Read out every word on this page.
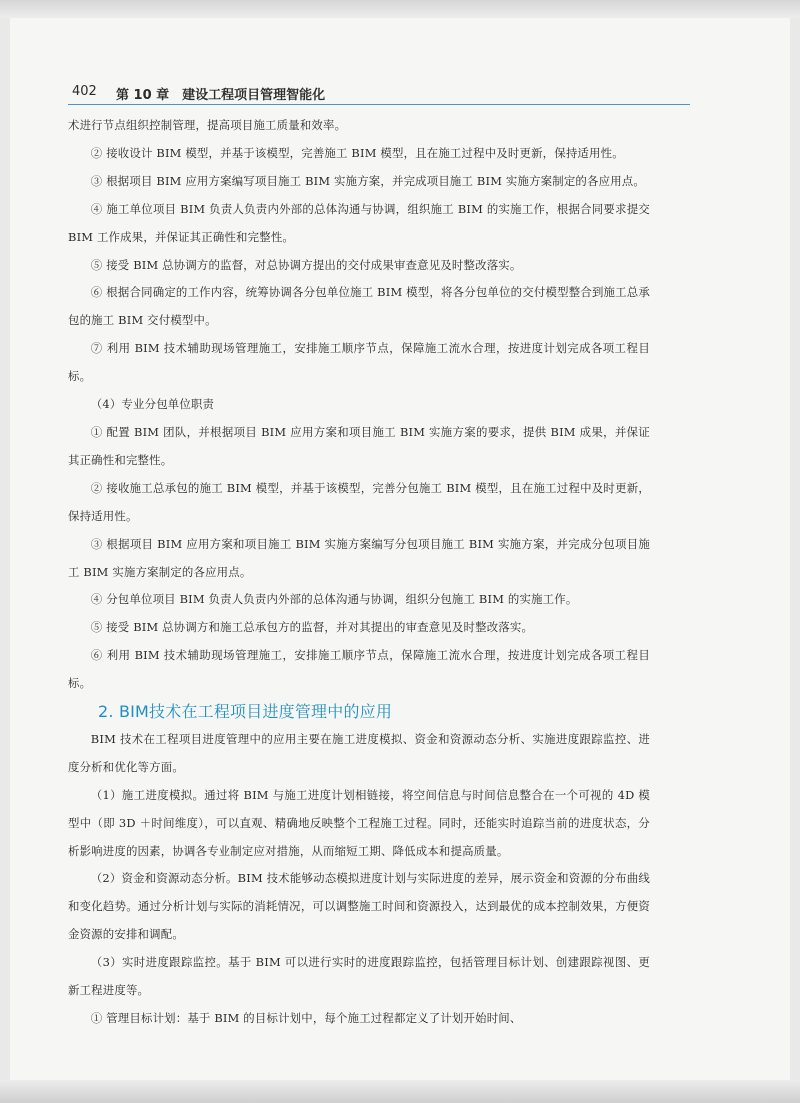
402 第 10 章　建设工程项目管理智能化

术进行节点组织控制管理，提高项目施工质量和效率。

② 接收设计 BIM 模型，并基于该模型，完善施工 BIM 模型，且在施工过程中及时更新，保持适用性。

③ 根据项目 BIM 应用方案编写项目施工 BIM 实施方案，并完成项目施工 BIM 实施方案制定的各应用点。

④ 施工单位项目 BIM 负责人负责内外部的总体沟通与协调，组织施工 BIM 的实施工作，根据合同要求提交 BIM 工作成果，并保证其正确性和完整性。

⑤ 接受 BIM 总协调方的监督，对总协调方提出的交付成果审查意见及时整改落实。

⑥ 根据合同确定的工作内容，统筹协调各分包单位施工 BIM 模型，将各分包单位的交付模型整合到施工总承包的施工 BIM 交付模型中。

⑦ 利用 BIM 技术辅助现场管理施工，安排施工顺序节点，保障施工流水合理，按进度计划完成各项工程目标。

（4）专业分包单位职责

① 配置 BIM 团队，并根据项目 BIM 应用方案和项目施工 BIM 实施方案的要求，提供 BIM 成果，并保证其正确性和完整性。

② 接收施工总承包的施工 BIM 模型，并基于该模型，完善分包施工 BIM 模型，且在施工过程中及时更新，保持适用性。

③ 根据项目 BIM 应用方案和项目施工 BIM 实施方案编写分包项目施工 BIM 实施方案，并完成分包项目施工 BIM 实施方案制定的各应用点。

④ 分包单位项目 BIM 负责人负责内外部的总体沟通与协调，组织分包施工 BIM 的实施工作。

⑤ 接受 BIM 总协调方和施工总承包方的监督，并对其提出的审查意见及时整改落实。

⑥ 利用 BIM 技术辅助现场管理施工，安排施工顺序节点，保障施工流水合理，按进度计划完成各项工程目标。

2. BIM技术在工程项目进度管理中的应用

BIM 技术在工程项目进度管理中的应用主要在施工进度模拟、资金和资源动态分析、实施进度跟踪监控、进度分析和优化等方面。

（1）施工进度模拟。通过将 BIM 与施工进度计划相链接，将空间信息与时间信息整合在一个可视的 4D 模型中（即 3D ＋时间维度），可以直观、精确地反映整个工程施工过程。同时，还能实时追踪当前的进度状态，分析影响进度的因素，协调各专业制定应对措施，从而缩短工期、降低成本和提高质量。

（2）资金和资源动态分析。BIM 技术能够动态模拟进度计划与实际进度的差异，展示资金和资源的分布曲线和变化趋势。通过分析计划与实际的消耗情况，可以调整施工时间和资源投入，达到最优的成本控制效果，方便资金资源的安排和调配。

（3）实时进度跟踪监控。基于 BIM 可以进行实时的进度跟踪监控，包括管理目标计划、创建跟踪视图、更新工程进度等。

① 管理目标计划：基于 BIM 的目标计划中，每个施工过程都定义了计划开始时间、
